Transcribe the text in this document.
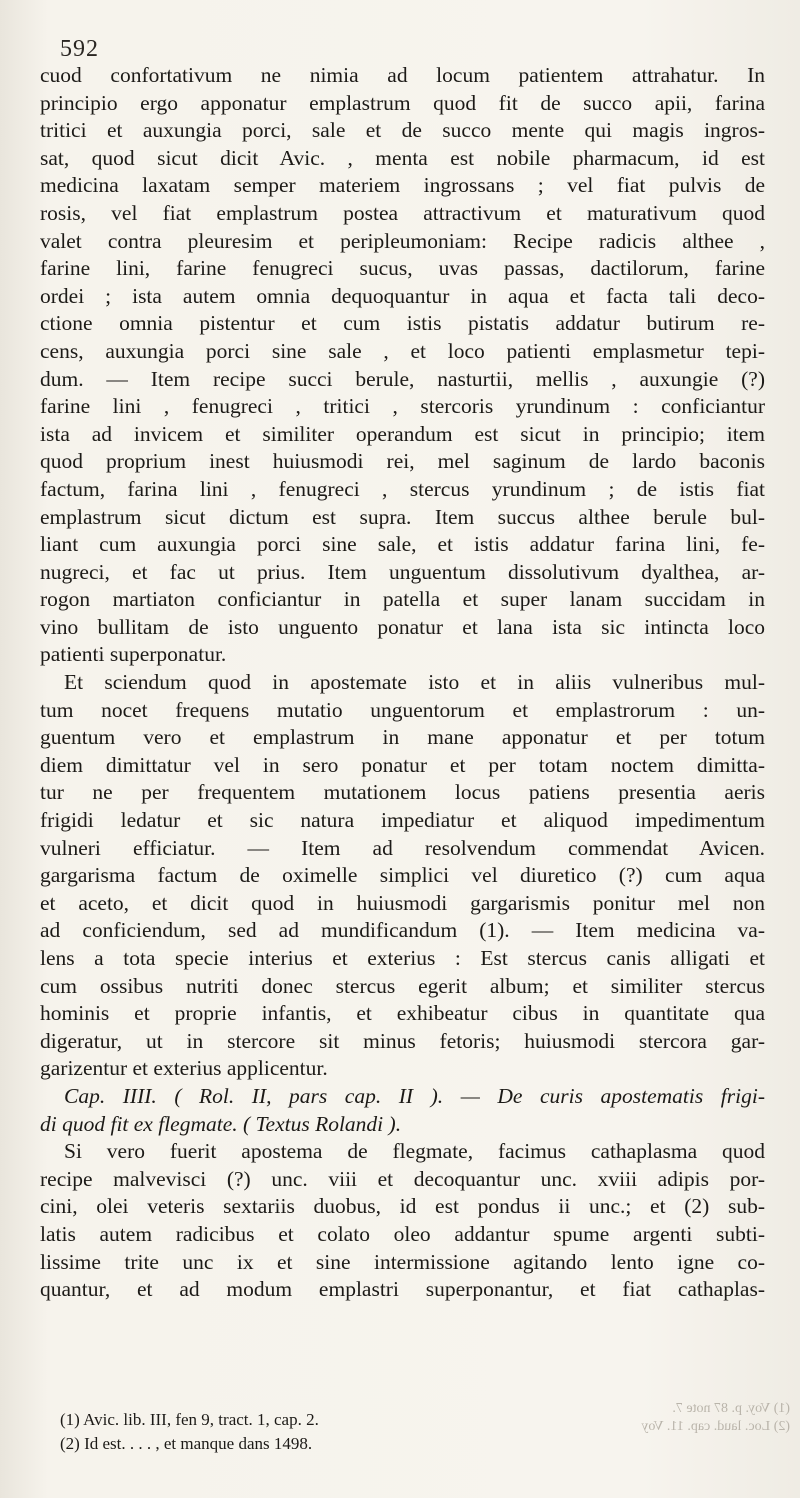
592
cuod confortativum ne nimia ad locum patientem attrahatur. In
principio ergo apponatur emplastrum quod fit de succo apii, farina
tritici et auxungia porci, sale et de succo mente qui magis ingros-
sat, quod sicut dicit Avic. , menta est nobile pharmacum, id est
medicina laxatam semper materiem ingrossans ; vel fiat pulvis de
rosis, vel fiat emplastrum postea attractivum et maturativum quod
valet contra pleuresim et peripleumoniam: Recipe radicis althee ,
farine lini, farine fenugreci sucus, uvas passas, dactilorum, farine
ordei ; ista autem omnia dequoquantur in aqua et facta tali deco-
ctione omnia pistentur et cum istis pistatis addatur butirum re-
cens, auxungia porci sine sale , et loco patienti emplasmetur tepi-
dum. — Item recipe succi berule, nasturtii, mellis , auxungie (?)
farine lini , fenugreci , tritici , stercoris yrundinum : conficiantur
ista ad invicem et similiter operandum est sicut in principio; item
quod proprium inest huiusmodi rei, mel saginum de lardo baconis
factum, farina lini , fenugreci , stercus yrundinum ; de istis fiat
emplastrum sicut dictum est supra. Item succus althee berule bul-
liant cum auxungia porci sine sale, et istis addatur farina lini, fe-
nugreci, et fac ut prius. Item unguentum dissolutivum dyalthea, ar-
rogon martiaton conficiantur in patella et super lanam succidam in
vino bullitam de isto unguento ponatur et lana ista sic intincta loco
patienti superponatur.
Et sciendum quod in apostemate isto et in aliis vulneribus mul-
tum nocet frequens mutatio unguentorum et emplastrorum : un-
guentum vero et emplastrum in mane apponatur et per totum
diem dimittatur vel in sero ponatur et per totam noctem dimitta-
tur ne per frequentem mutationem locus patiens presentia aeris
frigidi ledatur et sic natura impediatur et aliquod impedimentum
vulneri efficiatur. — Item ad resolvendum commendat Avicen.
gargarisma factum de oximelle simplici vel diuretico (?) cum aqua
et aceto, et dicit quod in huiusmodi gargarismis ponitur mel non
ad conficiendum, sed ad mundificandum (1). — Item medicina va-
lens a tota specie interius et exterius : Est stercus canis alligati et
cum ossibus nutriti donec stercus egerit album; et similiter stercus
hominis et proprie infantis, et exhibeatur cibus in quantitate qua
digeratur, ut in stercore sit minus fetoris; huiusmodi stercora gar-
garizentur et exterius applicentur.
Cap. IIII. ( Rol. II, pars cap. II ). — De curis apostematis frigi-
di quod fit ex flegmate. ( Textus Rolandi ).
Si vero fuerit apostema de flegmate, facimus cathaplasma quod
recipe malvevisci (?) unc. viii et decoquantur unc. xviii adipis por-
cini, olei veteris sextariis duobus, id est pondus ii unc.; et (2) sub-
latis autem radicibus et colato oleo addantur spume argenti subti-
lissime trite unc ix et sine intermissione agitando lento igne co-
quantur, et ad modum emplastri superponantur, et fiat cathaplas-
(1) Avic. lib. III, fen 9, tract. 1, cap. 2.
(2) Id est. . . . , et manque dans 1498.
(1) Voy. p. 87 note 7.
(2) Loc. laud. cap. 11. Voy
